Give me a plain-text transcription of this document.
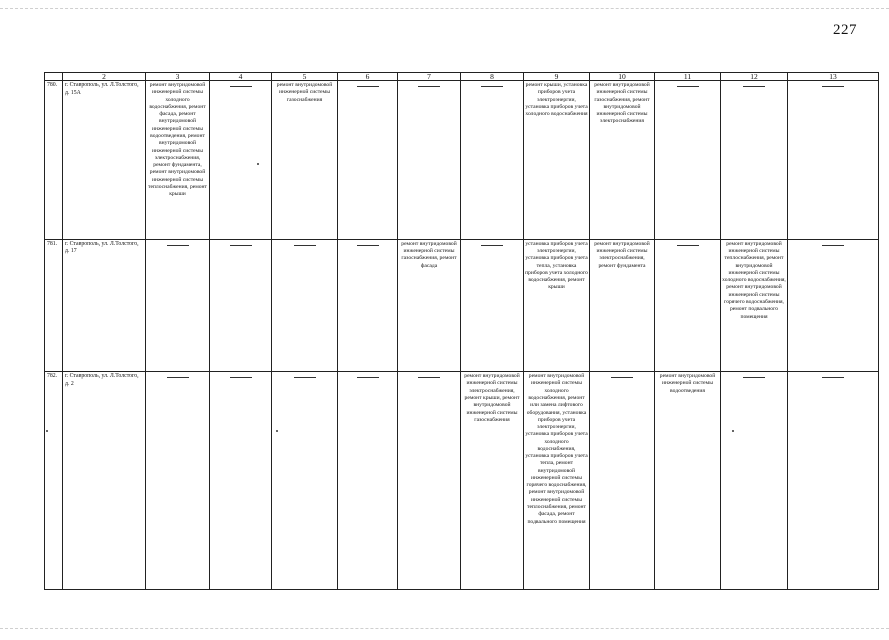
227
	2	3	4	5	6	7	8	9	10	11	12	13
780.	г. Ставрополь, ул. Л.Толстого, д. 15А	ремонт внутридомовой инженерной системы холодного водоснабжения, ремонт фасада, ремонт внутридомовой инженерной системы водоотведения, ремонт внутридомовой инженерной системы электроснабжения, ремонт фундамента, ремонт внутридомовой инженерной системы теплоснабжения, ремонт крыши		ремонт внутридомовой инженерной системы газоснабжения				ремонт крыши, установка приборов учета электроэнергии, установка приборов учета холодного водоснабжения	ремонт внутридомовой инженерной системы газоснабжения, ремонт внутридомовой инженерной системы электроснабжения	

781.	г. Ставрополь, ул. Л.Толстого, д. 17					ремонт внутридомовой инженерной системы газоснабжения, ремонт фасада		установка приборов учета электроэнергии, установка приборов учета тепла, установка приборов учета холодного водоснабжения, ремонт крыши	ремонт внутридомовой инженерной системы электроснабжения, ремонт фундамента		ремонт внутридомовой инженерной системы теплоснабжения, ремонт внутридомовой инженерной системы холодного водоснабжения, ремонт внутридомовой инженерной системы горячего водоснабжения, ремонт подвального помещения	

782.	г. Ставрополь, ул. Л.Толстого, д. 2						ремонт внутридомовой инженерной системы электроснабжения, ремонт крыши, ремонт внутридомовой инженерной системы газоснабжения	ремонт внутридомовой инженерной системы холодного водоснабжения, ремонт или замена лифтового оборудования, установка приборов учета электроэнергии, установка приборов учета холодного водоснабжения, установка приборов учета тепла, ремонт внутридомовой инженерной системы горячего водоснабжения, ремонт внутридомовой инженерной системы теплоснабжения, ремонт фасада, ремонт подвального помещения		ремонт внутридомовой инженерной системы водоотведения	
